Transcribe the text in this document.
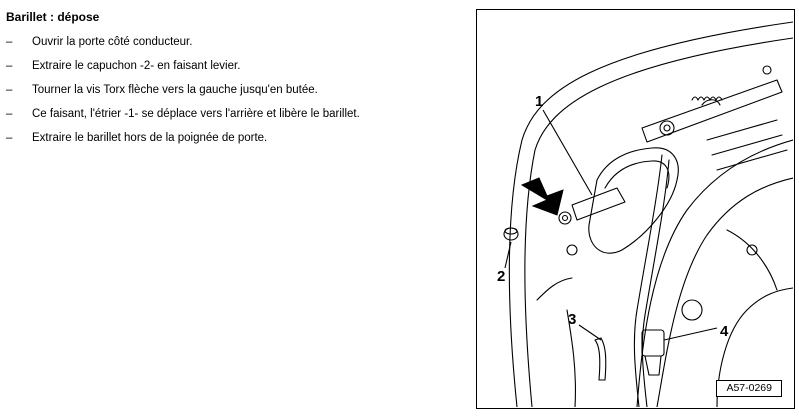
Barillet : dépose
–	Ouvrir la porte côté conducteur.
–	Extraire le capuchon -2- en faisant levier.
–	Tourner la vis Torx flèche vers la gauche jusqu'en butée.
–	Ce faisant, l'étrier -1- se déplace vers l'arrière et libère le barillet.
–	Extraire le barillet hors de la poignée de porte.
1
2
3
4
A57-0269
